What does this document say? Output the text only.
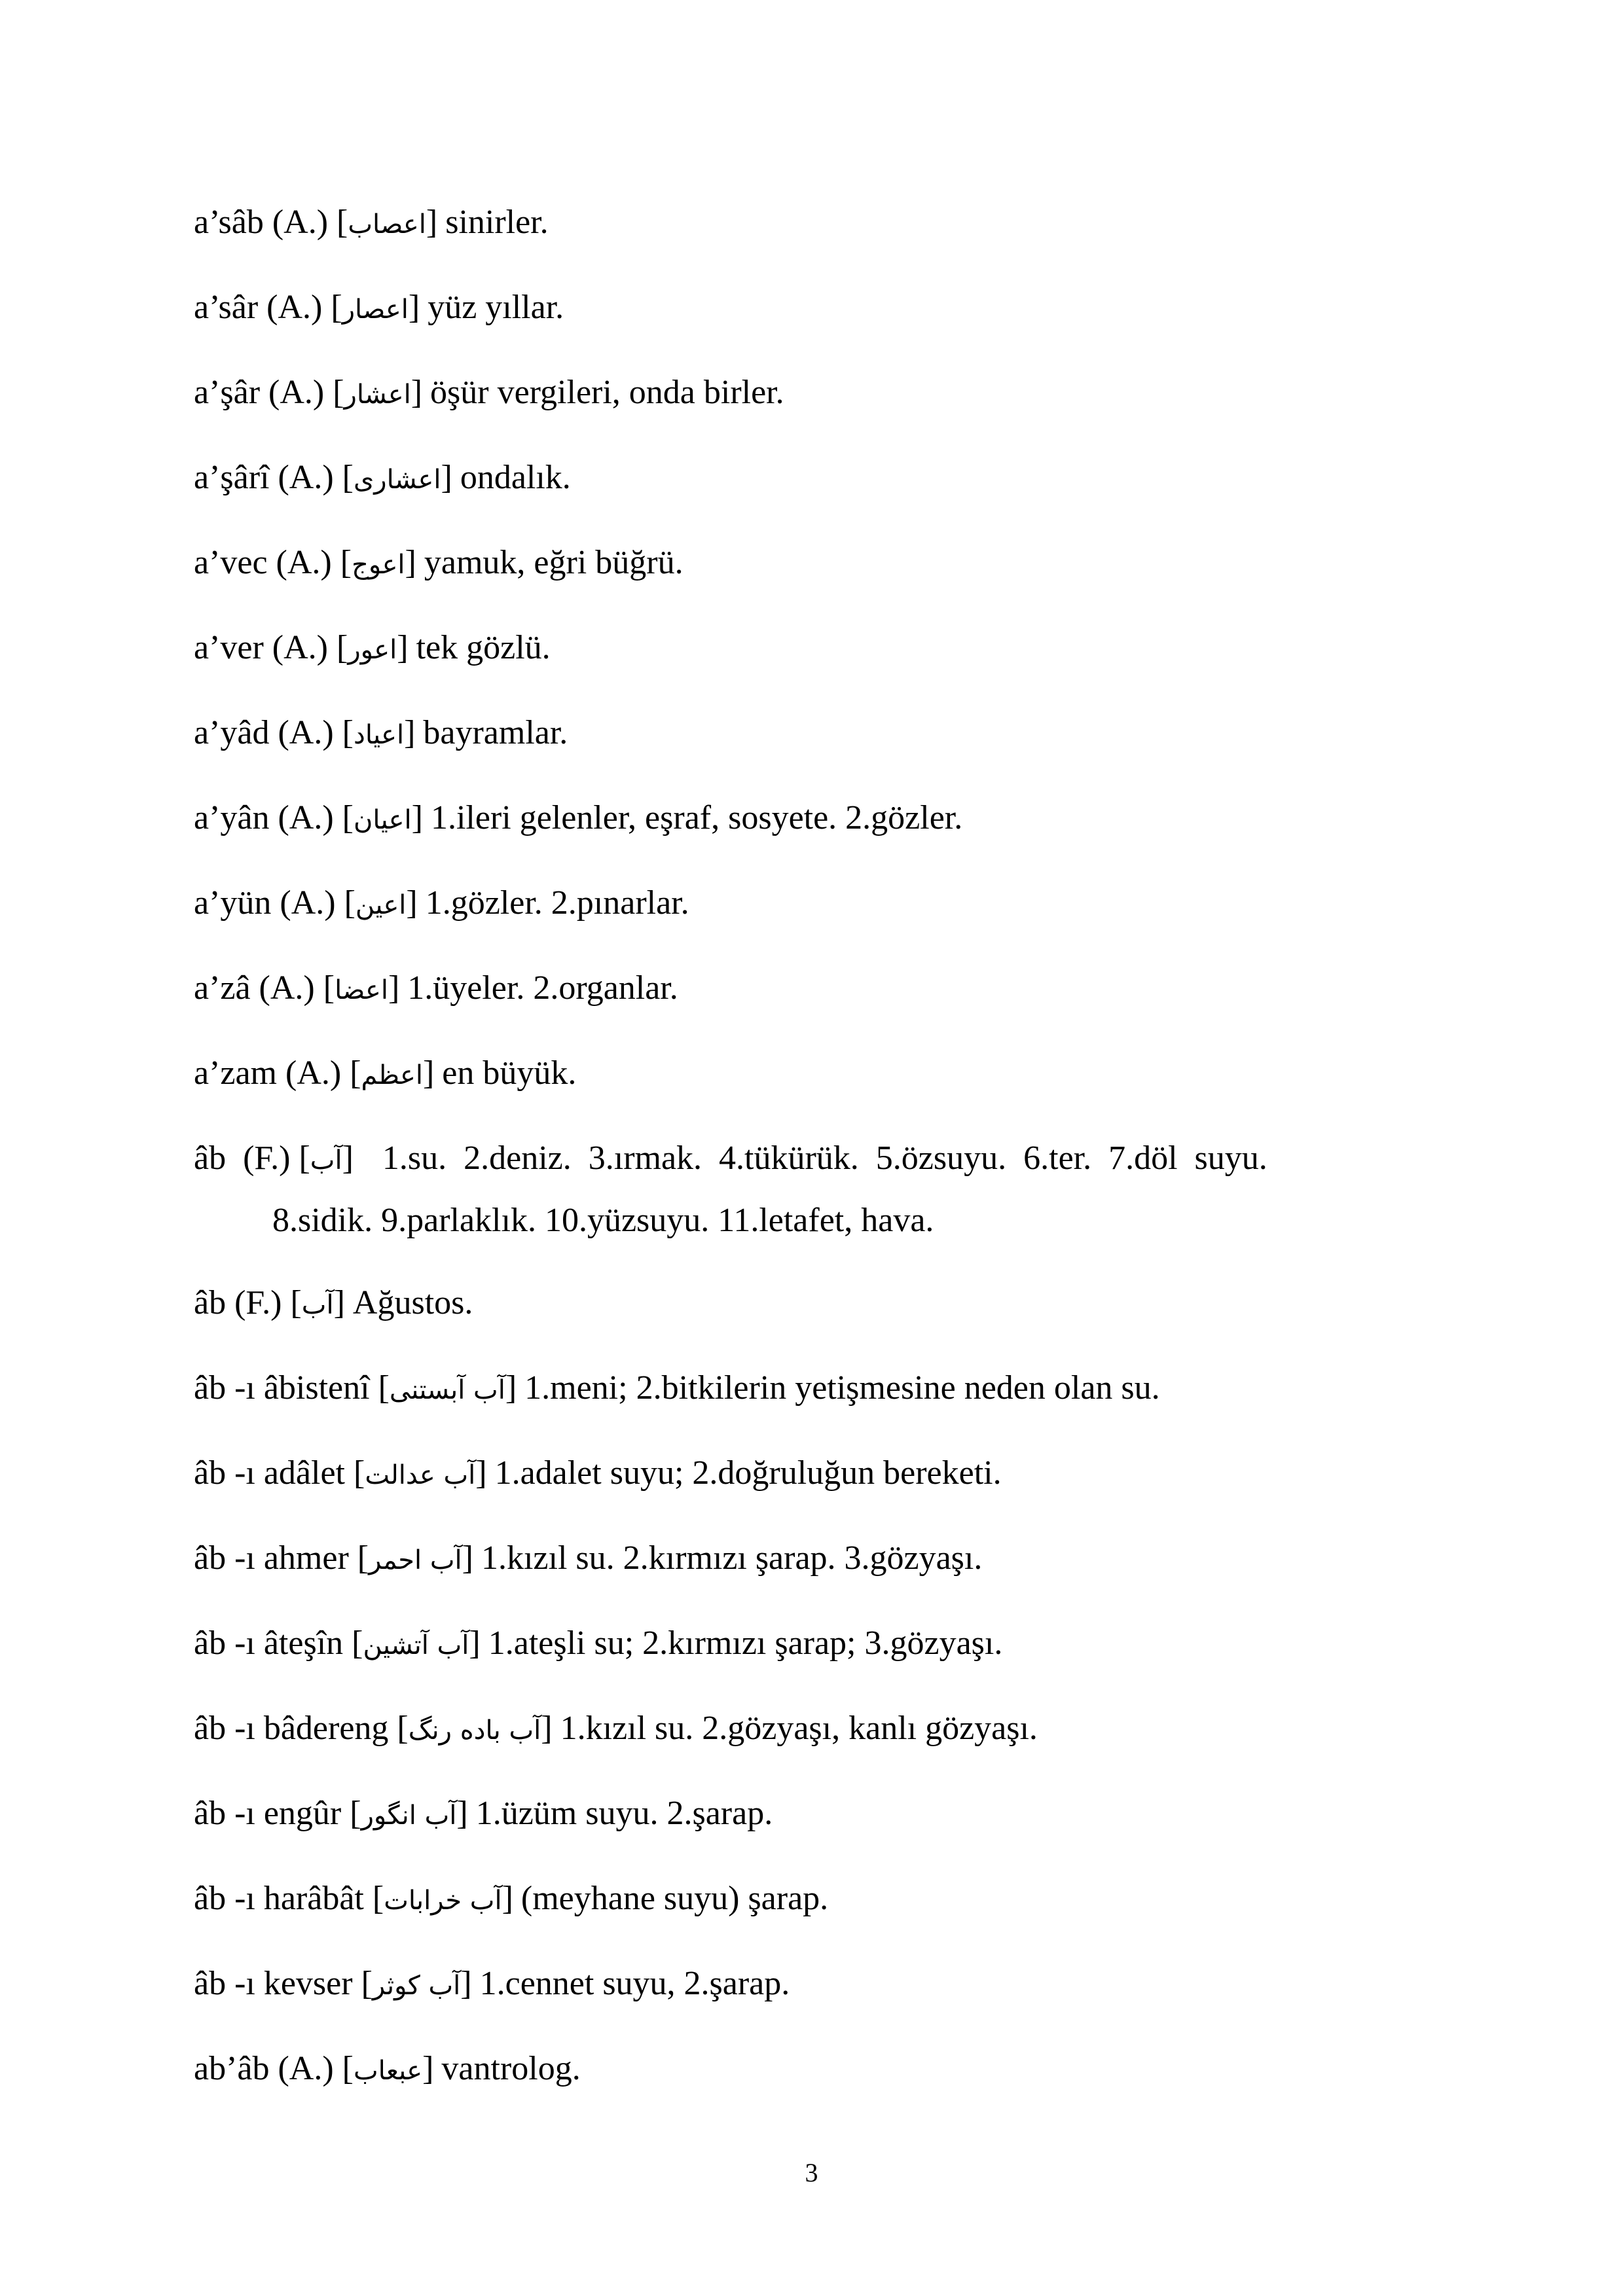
a’sâb (A.) [اعصاب] sinirler.
a’sâr (A.) [اعصار] yüz yıllar.
a’şâr (A.) [اعشار] öşür vergileri, onda birler.
a’şârî (A.) [اعشارى] ondalık.
a’vec (A.) [اعوج] yamuk, eğri büğrü.
a’ver (A.) [اعور] tek gözlü.
a’yâd (A.) [اعياد] bayramlar.
a’yân (A.) [اعيان] 1.ileri gelenler, eşraf, sosyete. 2.gözler.
a’yün (A.) [اعين] 1.gözler. 2.pınarlar.
a’zâ (A.) [اعضا] 1.üyeler. 2.organlar.
a’zam (A.) [اعظم] en büyük.
âb  (F.) [آب] 1.su.  2.deniz.  3.ırmak.  4.tükürük.  5.özsuyu.  6.ter.  7.döl  suyu.
8.sidik. 9.parlaklık. 10.yüzsuyu. 11.letafet, hava.
âb (F.) [آب] Ağustos.
âb -ı âbistenî [آب آبستنى] 1.meni; 2.bitkilerin yetişmesine neden olan su.
âb -ı adâlet [آب عدالت] 1.adalet suyu; 2.doğruluğun bereketi.
âb -ı ahmer [آب احمر] 1.kızıl su. 2.kırmızı şarap. 3.gözyaşı.
âb -ı âteşîn [آب آتشين] 1.ateşli su; 2.kırmızı şarap; 3.gözyaşı.
âb -ı bâdereng [آب باده رنگ] 1.kızıl su. 2.gözyaşı, kanlı gözyaşı.
âb -ı engûr [آب انگور] 1.üzüm suyu. 2.şarap.
âb -ı harâbât [آب خرابات] (meyhane suyu) şarap.
âb -ı kevser [آب كوثر] 1.cennet suyu, 2.şarap.
ab’âb (A.) [عبعاب] vantrolog.
3
